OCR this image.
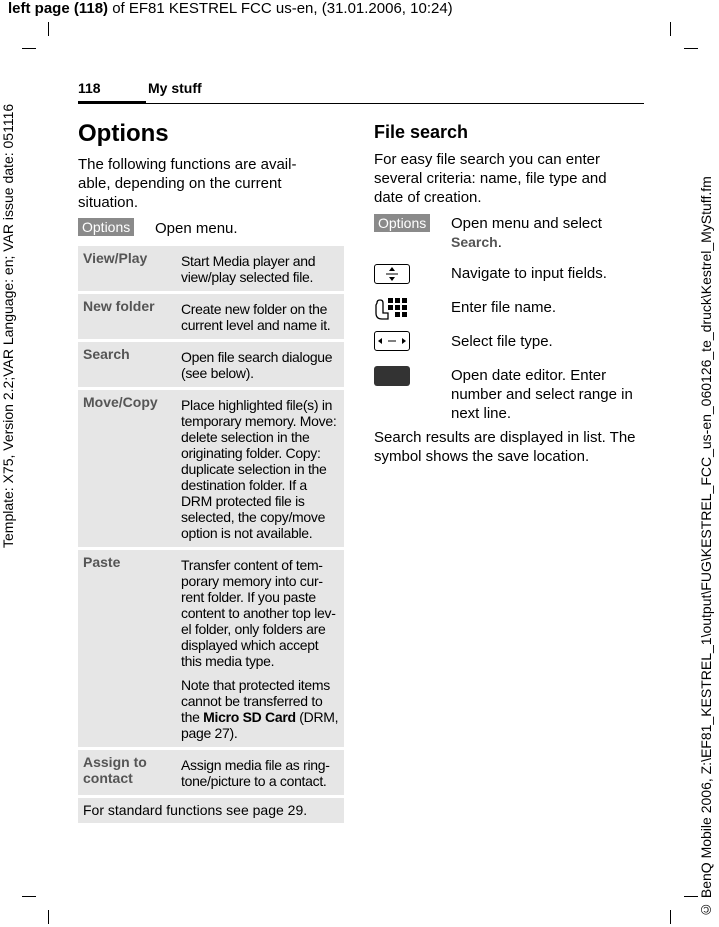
left page (118) of EF81 KESTREL FCC us-en, (31.01.2006, 10:24)
Template: X75, Version 2.2;VAR Language: en; VAR issue date: 051116	© BenQ Mobile 2006, Z:\EF81_KESTREL_1\output\FUG\KESTREL_FCC_us-en_060126_te_druck\Kestrel_MyStuff.fm
118	My stuff
Options
The following functions are avail-able, depending on the current situation.
Options Open menu.
View/Play	Start Media player and view/play selected file.
New folder	Create new folder on the current level and name it.
Search	Open file search dialogue (see below).
Move/Copy	Place highlighted file(s) in temporary memory. Move: delete selection in the originating folder. Copy: duplicate selection in the destination folder. If a DRM protected file is selected, the copy/move option is not available.
Paste	Transfer content of tem-porary memory into cur-rent folder. If you paste content to another top lev-el folder, only folders are displayed which accept this media type.
Note that protected items cannot be transferred to the Micro SD Card (DRM, page 27).

Assign to contact	Assign media file as ring-tone/picture to a contact.
For standard functions see page 29.	
File search
For easy file search you can enter several criteria: name, file type and date of creation.
Options Open menu and select
Search.
Navigate to input fields.
Enter file name.
Select file type.
Open date editor. Enter number and select range in next line.
Search results are displayed in list. The symbol shows the save location.
